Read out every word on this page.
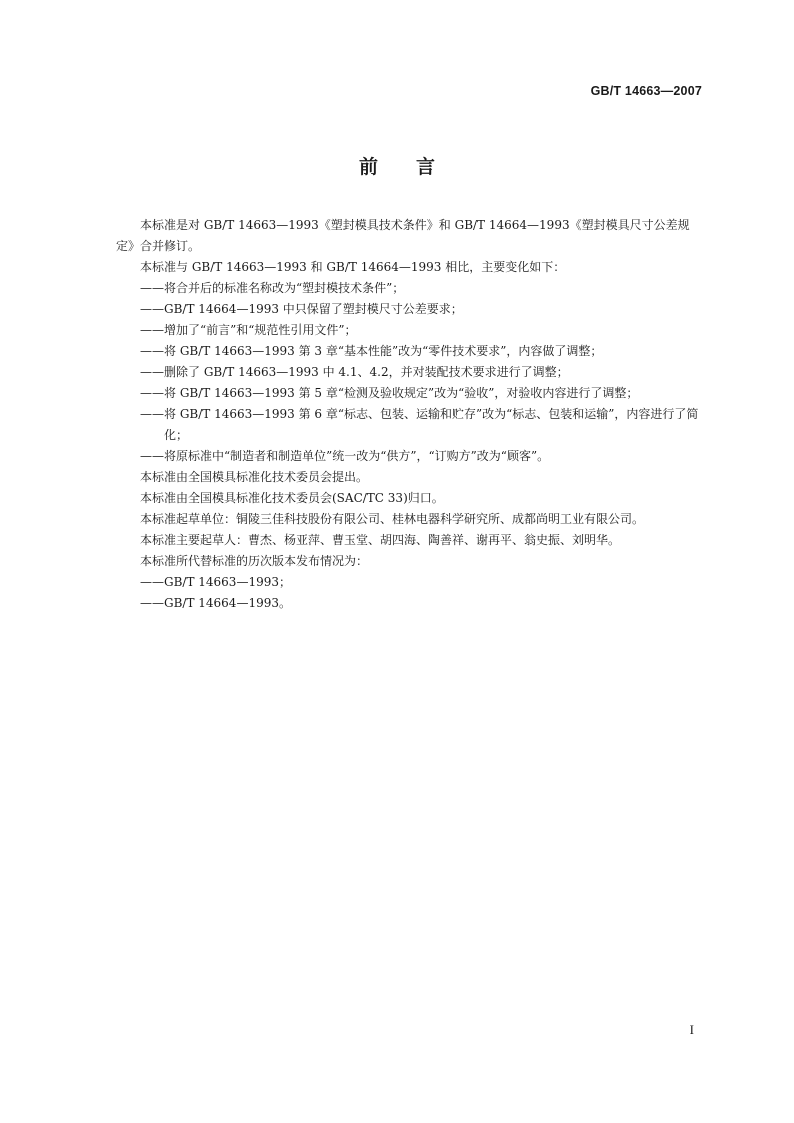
GB/T 14663—2007
前言

本标准是对 GB/T 14663—1993《塑封模具技术条件》和 GB/T 14664—1993《塑封模具尺寸公差规定》合并修订。

本标准与 GB/T 14663—1993 和 GB/T 14664—1993 相比，主要变化如下：

——将合并后的标准名称改为“塑封模技术条件”；

——GB/T 14664—1993 中只保留了塑封模尺寸公差要求；

——增加了“前言”和“规范性引用文件”；

——将 GB/T 14663—1993 第 3 章“基本性能”改为“零件技术要求”，内容做了调整；

——删除了 GB/T 14663—1993 中 4.1、4.2，并对装配技术要求进行了调整；

——将 GB/T 14663—1993 第 5 章“检测及验收规定”改为“验收”，对验收内容进行了调整；

——将 GB/T 14663—1993 第 6 章“标志、包装、运输和贮存”改为“标志、包装和运输”，内容进行了简化；

——将原标准中“制造者和制造单位”统一改为“供方”，“订购方”改为“顾客”。

本标准由全国模具标准化技术委员会提出。

本标准由全国模具标准化技术委员会(SAC/TC 33)归口。

本标准起草单位：铜陵三佳科技股份有限公司、桂林电器科学研究所、成都尚明工业有限公司。

本标准主要起草人：曹杰、杨亚萍、曹玉堂、胡四海、陶善祥、谢再平、翁史振、刘明华。

本标准所代替标准的历次版本发布情况为：

——GB/T 14663—1993；

——GB/T 14664—1993。

I
